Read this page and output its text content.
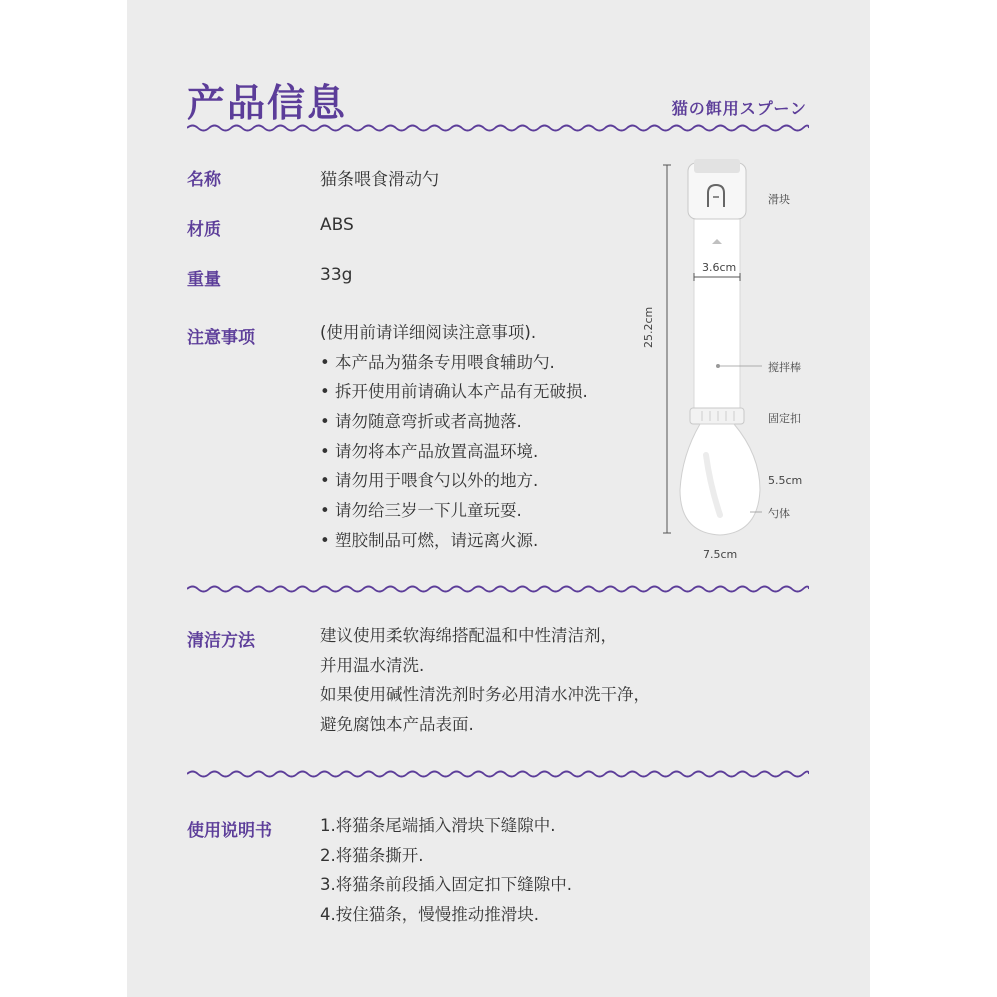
产品信息	猫の餌用スプーン
名称	猫条喂食滑动勺
材质	ABS
重量	33g
注意事项	(使用前请详细阅读注意事项).
• 本产品为猫条专用喂食辅助勺.
• 拆开使用前请确认本产品有无破损.
• 请勿随意弯折或者高抛落.
• 请勿将本产品放置高温环境.
• 请勿用于喂食勺以外的地方.
• 请勿给三岁一下儿童玩耍.
• 塑胶制品可燃，请远离火源.
滑块
3.6cm
25.2cm
搅拌棒
固定扣
5.5cm
勺体
7.5cm
清洁方法	建议使用柔软海绵搭配温和中性清洁剂，
并用温水清洗.
如果使用碱性清洗剂时务必用清水冲洗干净，
避免腐蚀本产品表面.
使用说明书	1.将猫条尾端插入滑块下缝隙中.
2.将猫条撕开.
3.将猫条前段插入固定扣下缝隙中.
4.按住猫条，慢慢推动推滑块.
